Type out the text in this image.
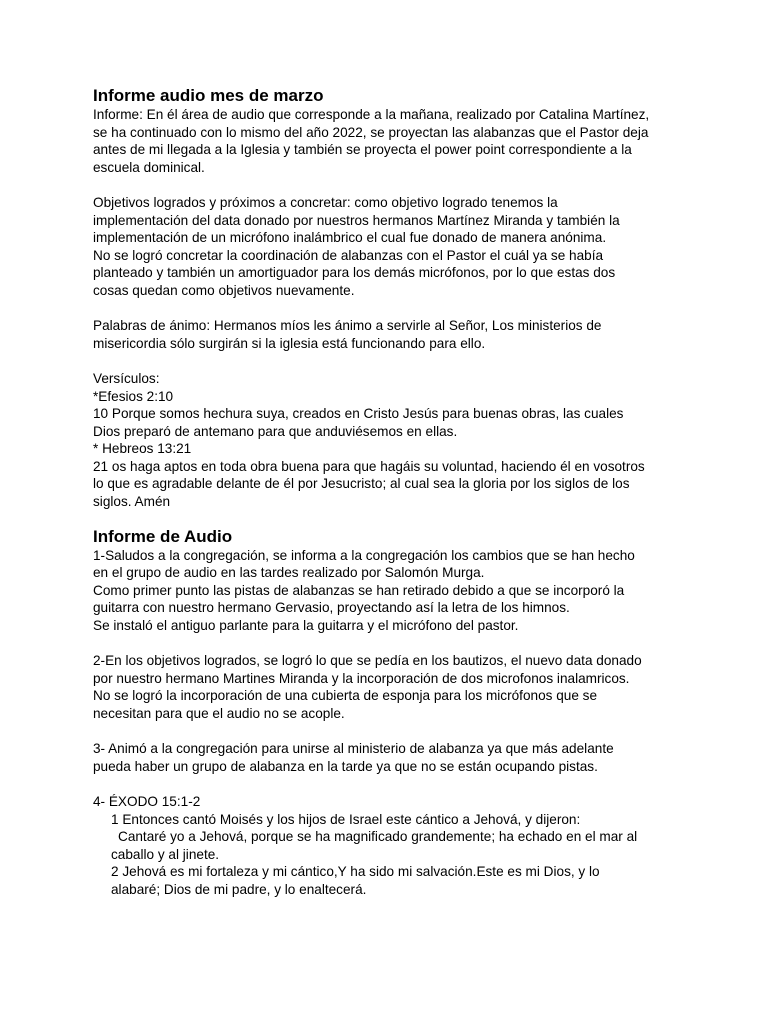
Informe audio mes de marzo
Informe: En él área de audio que corresponde a la mañana, realizado por Catalina Martínez,
se ha continuado con lo mismo del año 2022, se proyectan las alabanzas que el Pastor deja
antes de mi llegada a la Iglesia y también se proyecta el power point correspondiente a la
escuela dominical.
Objetivos logrados y próximos a concretar: como objetivo logrado tenemos la
implementación del data donado por nuestros hermanos Martínez Miranda y también la
implementación de un micrófono inalámbrico el cual fue donado de manera anónima.
No se logró concretar la coordinación de alabanzas con el Pastor el cuál ya se había
planteado y también un amortiguador para los demás micrófonos, por lo que estas dos
cosas quedan como objetivos nuevamente.
Palabras de ánimo: Hermanos míos les ánimo a servirle al Señor, Los ministerios de
misericordia sólo surgirán si la iglesia está funcionando para ello.
Versículos:
*Efesios 2:10
10 Porque somos hechura suya, creados en Cristo Jesús para buenas obras, las cuales
Dios preparó de antemano para que anduviésemos en ellas.
* Hebreos 13:21
21 os haga aptos en toda obra buena para que hagáis su voluntad, haciendo él en vosotros
lo que es agradable delante de él por Jesucristo; al cual sea la gloria por los siglos de los
siglos. Amén
Informe de Audio
1-Saludos a la congregación, se informa a la congregación los cambios que se han hecho
en el grupo de audio en las tardes realizado por Salomón Murga.
Como primer punto las pistas de alabanzas se han retirado debido a que se incorporó la
guitarra con nuestro hermano Gervasio, proyectando así la letra de los himnos.
Se instaló el antiguo parlante para la guitarra y el micrófono del pastor.
2-En los objetivos logrados, se logró lo que se pedía en los bautizos, el nuevo data donado
por nuestro hermano Martines Miranda y la incorporación de dos microfonos inalamricos.
No se logró la incorporación de una cubierta de esponja para los micrófonos que se
necesitan para que el audio no se acople.
3- Animó a la congregación para unirse al ministerio de alabanza ya que más adelante
pueda haber un grupo de alabanza en la tarde ya que no se están ocupando pistas.
4- ÉXODO 15:1-2
1 Entonces cantó Moisés y los hijos de Israel este cántico a Jehová, y dijeron:
Cantaré yo a Jehová, porque se ha magnificado grandemente; ha echado en el mar al
caballo y al jinete.
2 Jehová es mi fortaleza y mi cántico,Y ha sido mi salvación.Este es mi Dios, y lo
alabaré; Dios de mi padre, y lo enaltecerá.
